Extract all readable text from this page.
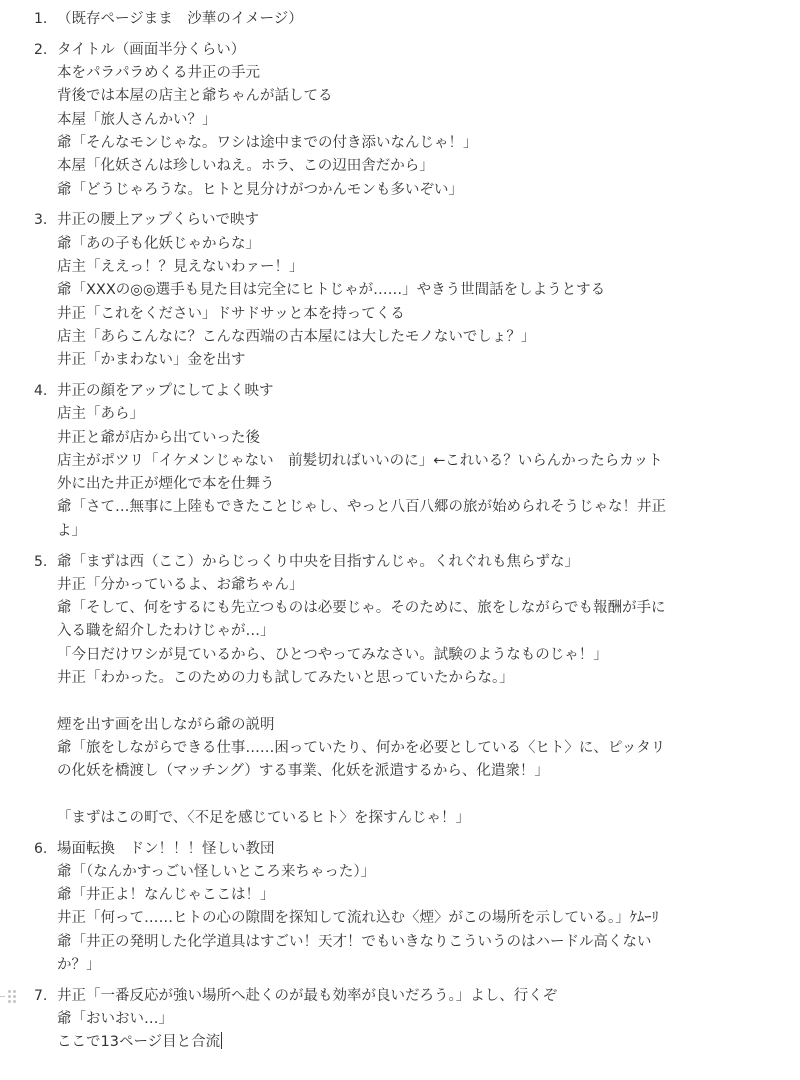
1. （既存ページまま　沙華のイメージ）
2. タイトル（画面半分くらい）
本をパラパラめくる井正の手元
背後では本屋の店主と爺ちゃんが話してる
本屋「旅人さんかい？」
爺「そんなモンじゃな。ワシは途中までの付き添いなんじゃ！」
本屋「化妖さんは珍しいねえ。ホラ、この辺田舎だから」
爺「どうじゃろうな。ヒトと見分けがつかんモンも多いぞい」
3. 井正の腰上アップくらいで映す
爺「あの子も化妖じゃからな」
店主「ええっ！？見えないわァー！」
爺「XXXの◎◎選手も見た目は完全にヒトじゃが……」やきう世間話をしようとする
井正「これをください」ドサドサッと本を持ってくる
店主「あらこんなに？こんな西端の古本屋には大したモノないでしょ？」
井正「かまわない」金を出す
4. 井正の顔をアップにしてよく映す
店主「あら」
井正と爺が店から出ていった後
店主がポツリ「イケメンじゃない　前髪切ればいいのに」←これいる？いらんかったらカット
外に出た井正が煙化で本を仕舞う
爺「さて…無事に上陸もできたことじゃし、やっと八百八郷の旅が始められそうじゃな！井正
よ」
5. 爺「まずは西（ここ）からじっくり中央を目指すんじゃ。くれぐれも焦らずな」
井正「分かっているよ、お爺ちゃん」
爺「そして、何をするにも先立つものは必要じゃ。そのために、旅をしながらでも報酬が手に
入る職を紹介したわけじゃが…」
「今日だけワシが見ているから、ひとつやってみなさい。試験のようなものじゃ！」
井正「わかった。このための力も試してみたいと思っていたからな。」
煙を出す画を出しながら爺の説明
爺「旅をしながらできる仕事……困っていたり、何かを必要としている〈ヒト〉に、ピッタリ
の化妖を橋渡し（マッチング）する事業、化妖を派遣するから、化遣衆！」
「まずはこの町で、〈不足を感じているヒト〉を探すんじゃ！」
6. 場面転換　ドン！！！怪しい教団
爺「（なんかすっごい怪しいところ来ちゃった）」
爺「井正よ！なんじゃここは！」
井正「何って……ヒトの心の隙間を探知して流れ込む〈煙〉がこの場所を示している。」ｹﾑｰﾘ
爺「井正の発明した化学道具はすごい！天才！でもいきなりこういうのはハードル高くない
か？」
7. 井正「一番反応が強い場所へ赴くのが最も効率が良いだろう。」よし、行くぞ
爺「おいおい…」
ここで13ページ目と合流
